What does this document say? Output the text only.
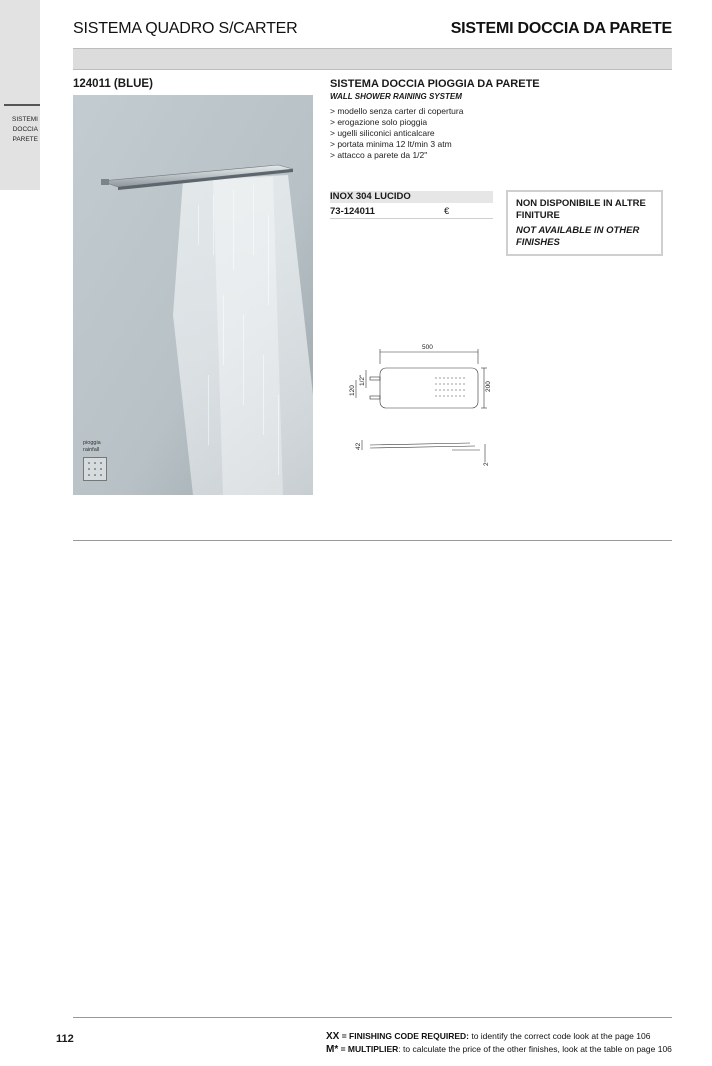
SISTEMI
DOCCIA
PARETE
SISTEMA QUADRO S/CARTER	SISTEMI DOCCIA DA PARETE
124011 (BLUE)
pioggia
rainfall
SISTEMA DOCCIA PIOGGIA DA PARETE
WALL SHOWER RAINING SYSTEM
> modello senza carter di copertura
> erogazione solo pioggia
> ugelli siliconici anticalcare
> portata minima 12 lt/min 3 atm
> attacco a parete da 1/2"
INOX 304 LUCIDO
73-124011	€
NON DISPONIBILE IN ALTRE FINITURE
NOT AVAILABLE IN OTHER FINISHES
500
200
120
1/2"
42
2
112	XX = FINISHING CODE REQUIRED: to identify the correct code look at the page 106
M* = MULTIPLIER: to calculate the price of the other finishes, look at the table on page 106
